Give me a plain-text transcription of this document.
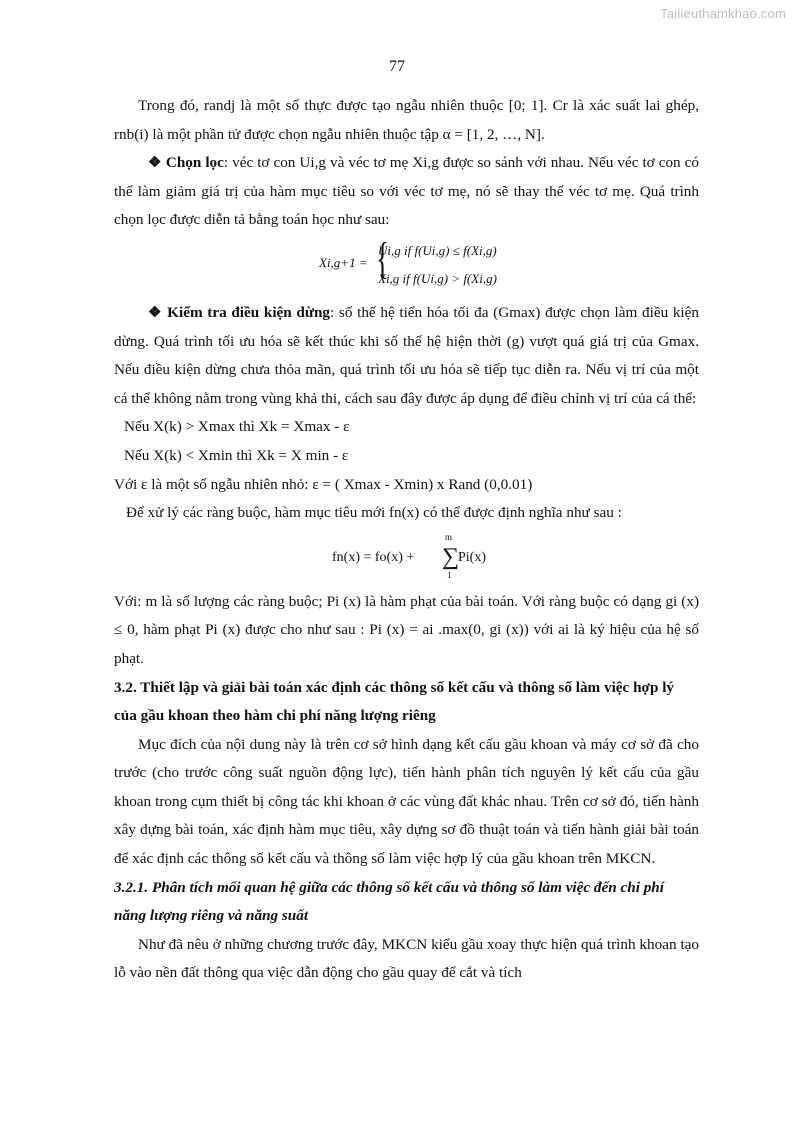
Tailieuthamkhao.com
77

Trong đó, randj là một số thực được tạo ngẫu nhiên thuộc [0; 1]. Cr là xác suất lai ghép, rnb(i) là một phần tử được chọn ngẫu nhiên thuộc tập α = [1, 2, …, N].

❖ Chọn lọc: véc tơ con Ui,g và véc tơ mẹ Xi,g được so sánh với nhau. Nếu véc tơ con có thể làm giảm giá trị của hàm mục tiêu so với véc tơ mẹ, nó sẽ thay thế véc tơ mẹ. Quá trình chọn lọc được diễn tả bằng toán học như sau:

Xi,g+1 = {
Ui,g if f(Ui,g) ≤ f(Xi,g)
Xi,g if f(Ui,g) > f(Xi,g)

❖ Kiểm tra điều kiện dừng: số thế hệ tiến hóa tối đa (Gmax) được chọn làm điều kiện dừng. Quá trình tối ưu hóa sẽ kết thúc khi số thế hệ hiện thời (g) vượt quá giá trị của Gmax. Nếu điều kiện dừng chưa thỏa mãn, quá trình tối ưu hóa sẽ tiếp tục diễn ra. Nếu vị trí của một cá thể không nằm trong vùng khả thi, cách sau đây được áp dụng để điều chỉnh vị trí của cá thể:

Nếu X(k) > Xmax thì Xk = Xmax - ε

Nếu X(k) < Xmin thì Xk = X min - ε

Với ε là một số ngẫu nhiên nhỏ: ε = ( Xmax - Xmin) x Rand (0,0.01)

Để xử lý các ràng buộc, hàm mục tiêu mới fn(x) có thể được định nghĩa như sau :

fn(x) = fo(x) +
m
∑
1
Pi(x)

Với: m là số lượng các ràng buộc; Pi (x) là hàm phạt của bài toán. Với ràng buộc có dạng gi (x) ≤ 0, hàm phạt Pi (x) được cho như sau : Pi (x) = ai .max(0, gi (x)) với ai là ký hiệu của hệ số phạt.

3.2. Thiết lập và giải bài toán xác định các thông số kết cấu và thông số làm việc hợp lý của gầu khoan theo hàm chi phí năng lượng riêng

Mục đích của nội dung này là trên cơ sở hình dạng kết cấu gầu khoan và máy cơ sở đã cho trước (cho trước công suất nguồn động lực), tiến hành phân tích nguyên lý kết cấu của gầu khoan trong cụm thiết bị công tác khi khoan ở các vùng đất khác nhau. Trên cơ sở đó, tiến hành xây dựng bài toán, xác định hàm mục tiêu, xây dựng sơ đồ thuật toán và tiến hành giải bài toán để xác định các thông số kết cấu và thông số làm việc hợp lý của gầu khoan trên MKCN.

3.2.1. Phân tích mối quan hệ giữa các thông số kết cấu và thông số làm việc đến chi phí năng lượng riêng và năng suất

Như đã nêu ở những chương trước đây, MKCN kiểu gầu xoay thực hiện quá trình khoan tạo lỗ vào nền đất thông qua việc dẫn động cho gầu quay để cắt và tích
